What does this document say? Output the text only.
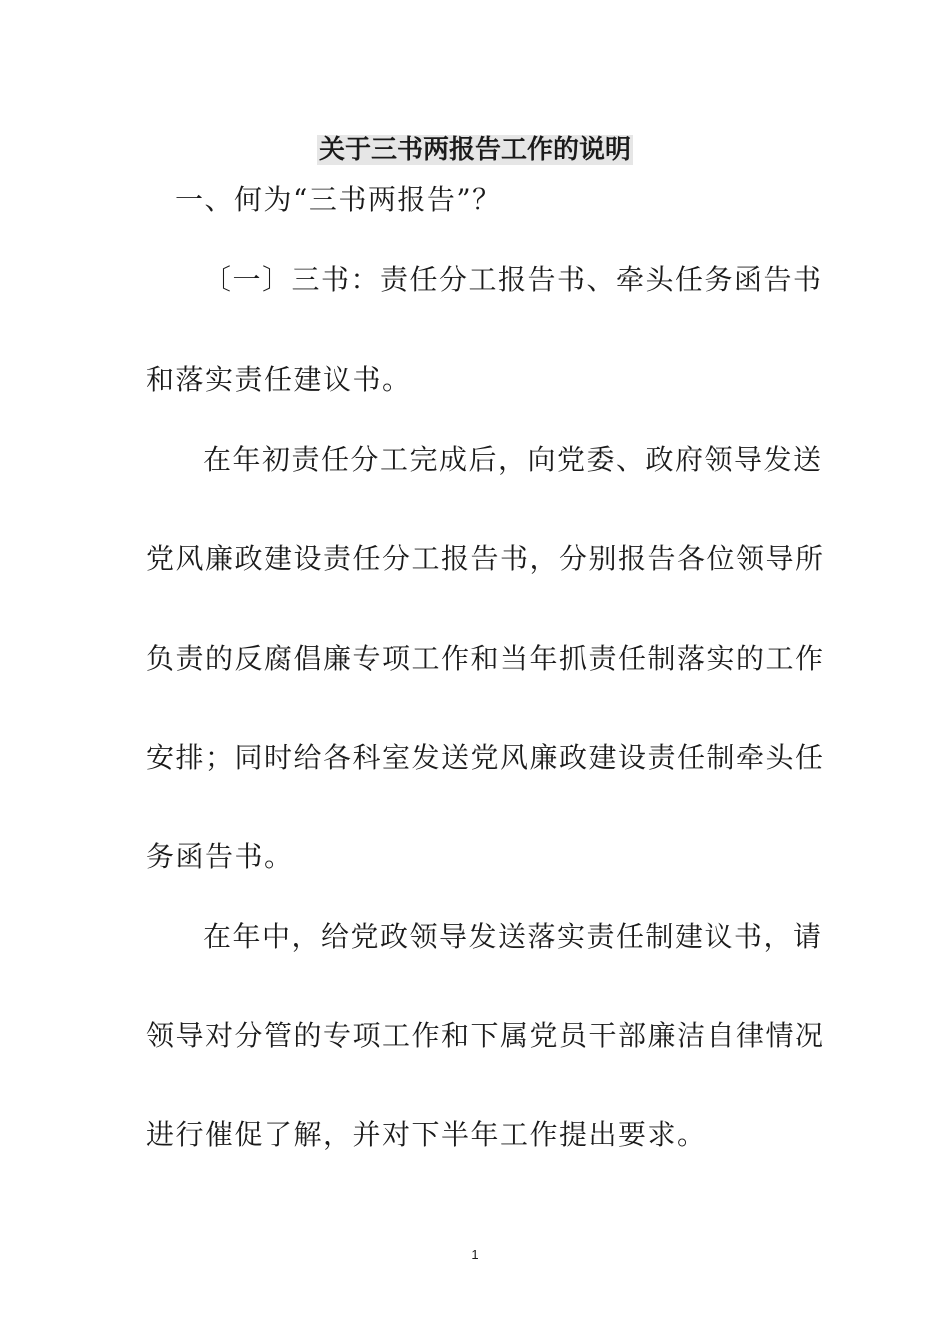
关于三书两报告工作的说明
一、何为“三书两报告”？
〔一〕三书：责任分工报告书、牵头任务函告书
和落实责任建议书。
在年初责任分工完成后，向党委、政府领导发送
党风廉政建设责任分工报告书，分别报告各位领导所
负责的反腐倡廉专项工作和当年抓责任制落实的工作
安排；同时给各科室发送党风廉政建设责任制牵头任
务函告书。
在年中，给党政领导发送落实责任制建议书，请
领导对分管的专项工作和下属党员干部廉洁自律情况
进行催促了解，并对下半年工作提出要求。
1
